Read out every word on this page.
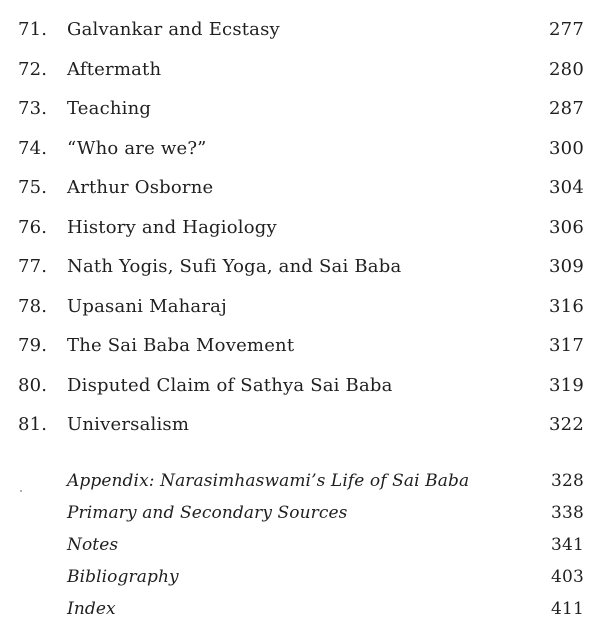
71. Galvankar and Ecstasy	277
72. Aftermath	280
73. Teaching	287
74. “Who are we?”	300
75. Arthur Osborne	304
76. History and Hagiology	306
77. Nath Yogis, Sufi Yoga, and Sai Baba	309
78. Upasani Maharaj	316
79. The Sai Baba Movement	317
80. Disputed Claim of Sathya Sai Baba	319
81. Universalism	322
Appendix: Narasimhaswami’s Life of Sai Baba	328
Primary and Secondary Sources	338
Notes	341
Bibliography	403
Index	411
